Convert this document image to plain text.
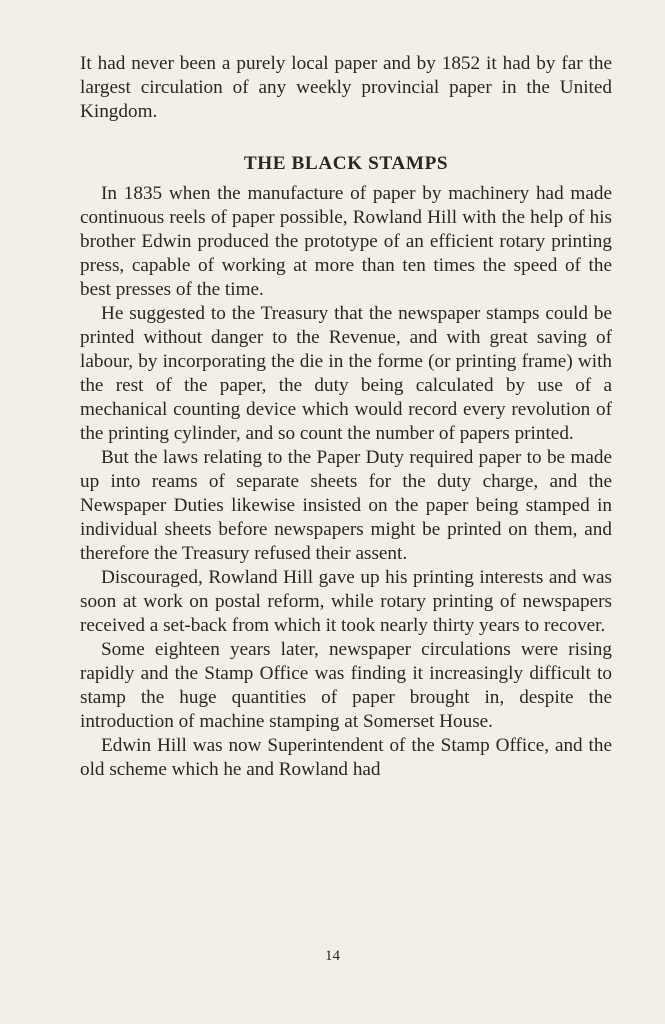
It had never been a purely local paper and by 1852 it had by far the largest circulation of any weekly provincial paper in the United Kingdom.

THE BLACK STAMPS

In 1835 when the manufacture of paper by machinery had made continuous reels of paper possible, Rowland Hill with the help of his brother Edwin produced the prototype of an efficient rotary printing press, capable of working at more than ten times the speed of the best presses of the time.

He suggested to the Treasury that the newspaper stamps could be printed without danger to the Revenue, and with great saving of labour, by incorporating the die in the forme (or printing frame) with the rest of the paper, the duty being calculated by use of a mechanical counting device which would record every revolution of the printing cylinder, and so count the number of papers printed.

But the laws relating to the Paper Duty required paper to be made up into reams of separate sheets for the duty charge, and the Newspaper Duties likewise insisted on the paper being stamped in individual sheets before newspapers might be printed on them, and therefore the Treasury refused their assent.

Discouraged, Rowland Hill gave up his printing interests and was soon at work on postal reform, while rotary printing of newspapers received a set-back from which it took nearly thirty years to recover.

Some eighteen years later, newspaper circulations were rising rapidly and the Stamp Office was finding it increasingly difficult to stamp the huge quantities of paper brought in, despite the introduction of machine stamping at Somerset House.

Edwin Hill was now Superintendent of the Stamp Office, and the old scheme which he and Rowland had

14
